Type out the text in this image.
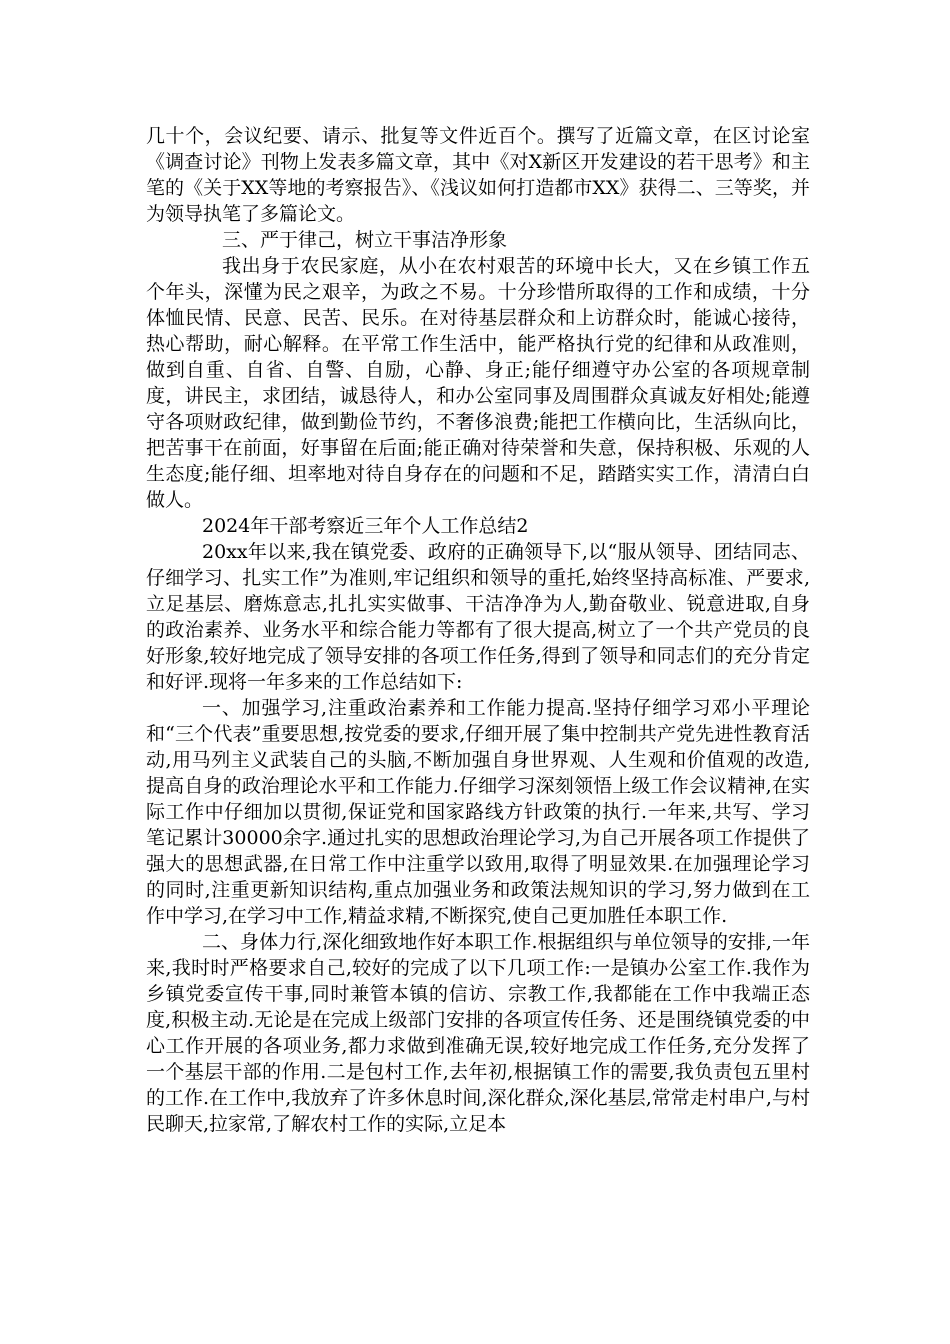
几十个，会议纪要、请示、批复等文件近百个。撰写了近篇文章，在区讨论室《调查讨论》刊物上发表多篇文章，其中《对X新区开发建设的若干思考》和主笔的《关于XX等地的考察报告》、《浅议如何打造都市XX》获得二、三等奖，并为领导执笔了多篇论文。

三、严于律己，树立干事洁净形象

我出身于农民家庭，从小在农村艰苦的环境中长大，又在乡镇工作五个年头，深懂为民之艰辛，为政之不易。十分珍惜所取得的工作和成绩，十分体恤民情、民意、民苦、民乐。在对待基层群众和上访群众时，能诚心接待，热心帮助，耐心解释。在平常工作生活中，能严格执行党的纪律和从政准则，做到自重、自省、自警、自励，心静、身正;能仔细遵守办公室的各项规章制度，讲民主，求团结，诚恳待人，和办公室同事及周围群众真诚友好相处;能遵守各项财政纪律，做到勤俭节约，不奢侈浪费;能把工作横向比，生活纵向比，把苦事干在前面，好事留在后面;能正确对待荣誉和失意，保持积极、乐观的人生态度;能仔细、坦率地对待自身存在的问题和不足，踏踏实实工作，清清白白做人。

2024年干部考察近三年个人工作总结2

20xx年以来,我在镇党委、政府的正确领导下,以“服从领导、团结同志、仔细学习、扎实工作”为准则,牢记组织和领导的重托,始终坚持高标准、严要求,立足基层、磨炼意志,扎扎实实做事、干洁净净为人,勤奋敬业、锐意进取,自身的政治素养、业务水平和综合能力等都有了很大提高,树立了一个共产党员的良好形象,较好地完成了领导安排的各项工作任务,得到了领导和同志们的充分肯定和好评.现将一年多来的工作总结如下:

一、加强学习,注重政治素养和工作能力提高.坚持仔细学习邓小平理论和“三个代表”重要思想,按党委的要求,仔细开展了集中控制共产党先进性教育活动,用马列主义武装自己的头脑,不断加强自身世界观、人生观和价值观的改造,提高自身的政治理论水平和工作能力.仔细学习深刻领悟上级工作会议精神,在实际工作中仔细加以贯彻,保证党和国家路线方针政策的执行.一年来,共写、学习笔记累计30000余字.通过扎实的思想政治理论学习,为自己开展各项工作提供了强大的思想武器,在日常工作中注重学以致用,取得了明显效果.在加强理论学习的同时,注重更新知识结构,重点加强业务和政策法规知识的学习,努力做到在工作中学习,在学习中工作,精益求精,不断探究,使自己更加胜任本职工作.

二、身体力行,深化细致地作好本职工作.根据组织与单位领导的安排,一年来,我时时严格要求自己,较好的完成了以下几项工作:一是镇办公室工作.我作为乡镇党委宣传干事,同时兼管本镇的信访、宗教工作,我都能在工作中我端正态度,积极主动.无论是在完成上级部门安排的各项宣传任务、还是围绕镇党委的中心工作开展的各项业务,都力求做到准确无误,较好地完成工作任务,充分发挥了一个基层干部的作用.二是包村工作,去年初,根据镇工作的需要,我负责包五里村的工作.在工作中,我放弃了许多休息时间,深化群众,深化基层,常常走村串户,与村民聊天,拉家常,了解农村工作的实际,立足本
